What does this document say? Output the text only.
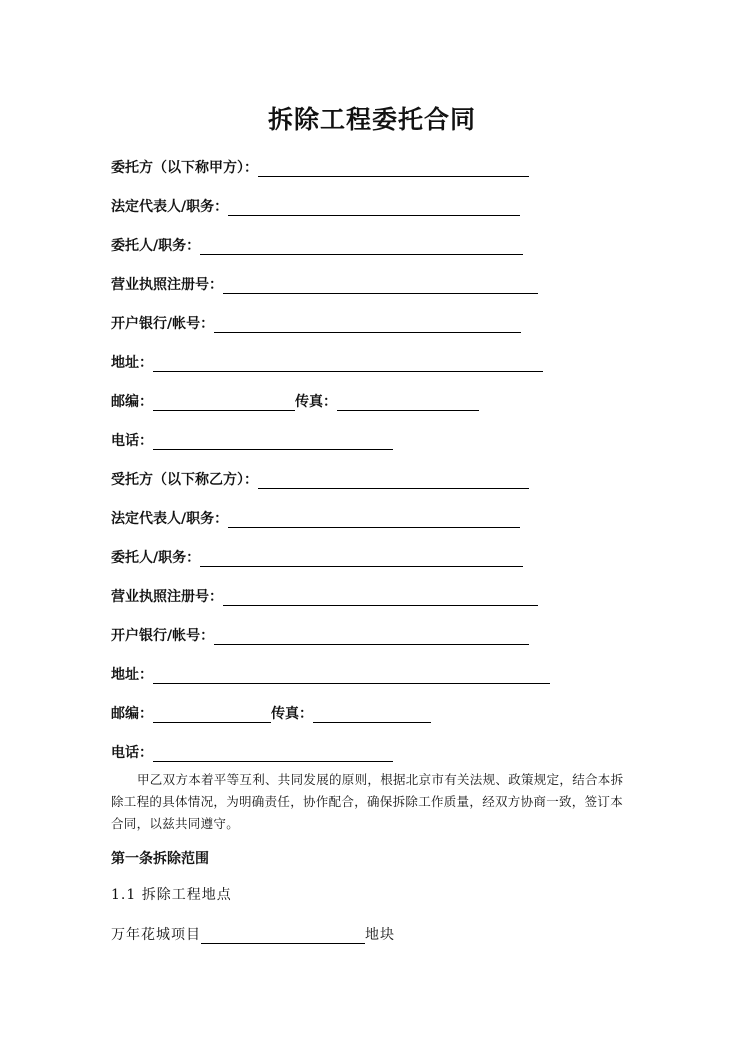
拆除工程委托合同
委托方（以下称甲方）：
法定代表人/职务：
委托人/职务：
营业执照注册号：
开户银行/帐号：
地址：
邮编：	传真：
电话：
受托方（以下称乙方）：
法定代表人/职务：
委托人/职务：
营业执照注册号：
开户银行/帐号：
地址：
邮编：	传真：
电话：
甲乙双方本着平等互利、共同发展的原则，根据北京市有关法规、政策规定，结合本拆除工程的具体情况，为明确责任，协作配合，确保拆除工作质量，经双方协商一致，签订本合同，以兹共同遵守。
第一条拆除范围
1.1 拆除工程地点
万年花城项目	地块
